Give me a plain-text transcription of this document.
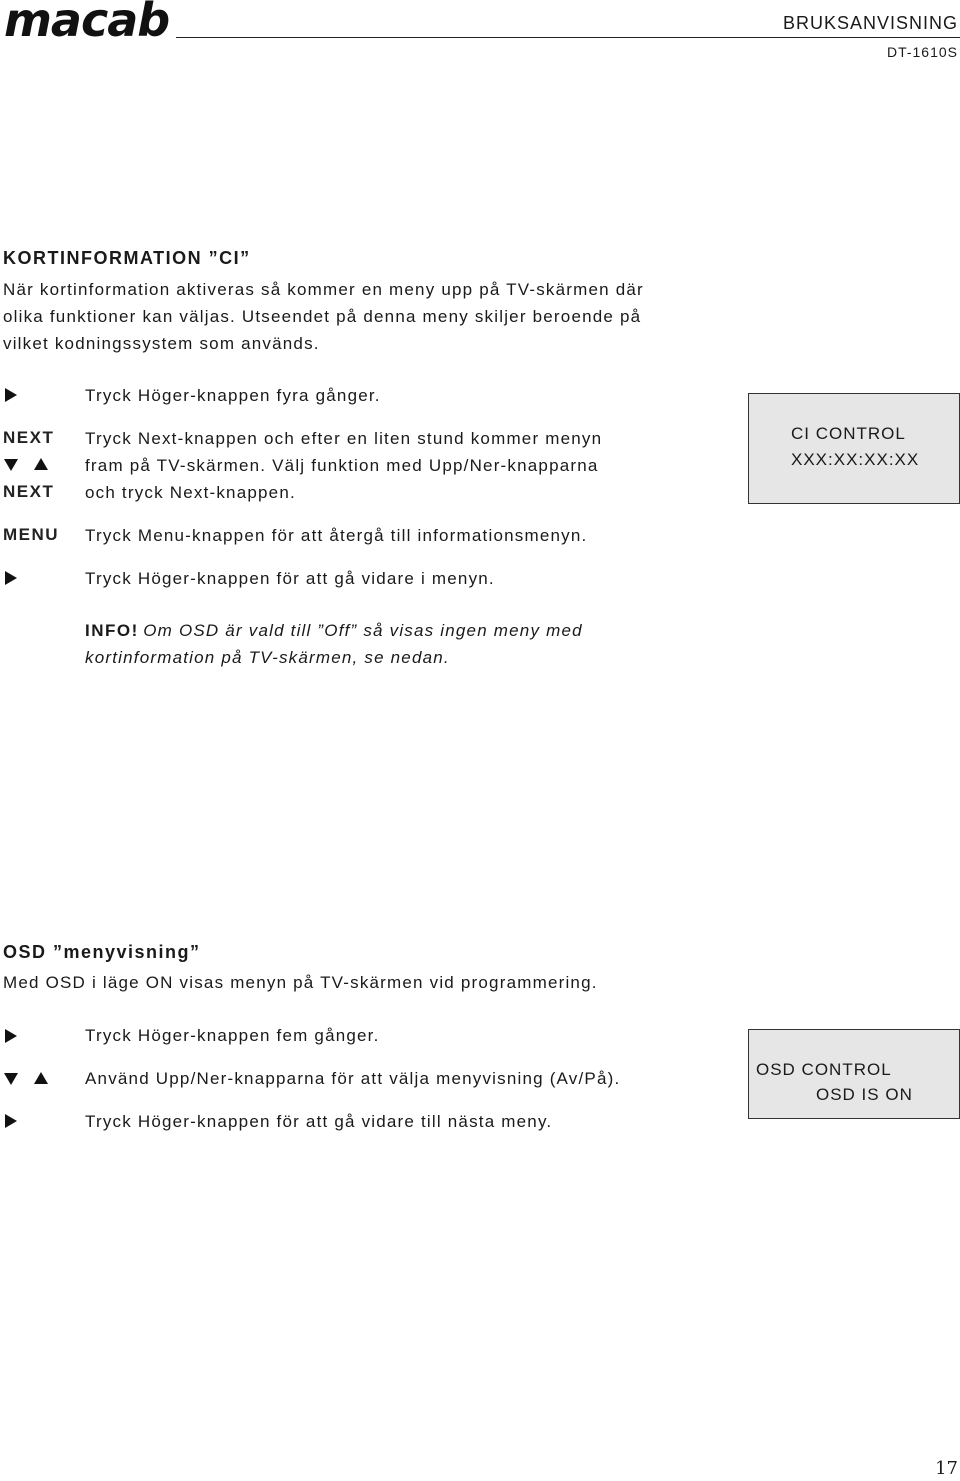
macab	BRUKSANVISNING
DT-1610S
KORTINFORMATION ”CI”
När kortinformation aktiveras så kommer en meny upp på TV-skärmen där
olika funktioner kan väljas. Utseendet på denna meny skiljer beroende på
vilket kodningssystem som används.
Tryck Höger-knappen fyra gånger.
NEXT Tryck Next-knappen och efter en liten stund kommer menyn
fram på TV-skärmen. Välj funktion med Upp/Ner-knapparna
NEXT och tryck Next-knappen.
MENU Tryck Menu-knappen för att återgå till informationsmenyn.
Tryck Höger-knappen för att gå vidare i menyn.
INFO! Om OSD är vald till ”Off” så visas ingen meny med
kortinformation på TV-skärmen, se nedan.
CI CONTROL
XXX:XX:XX:XX
OSD ”menyvisning”
Med OSD i läge ON visas menyn på TV-skärmen vid programmering.
Tryck Höger-knappen fem gånger.
Använd Upp/Ner-knapparna för att välja menyvisning (Av/På).
Tryck Höger-knappen för att gå vidare till nästa meny.
OSD CONTROL
OSD IS ON
17
